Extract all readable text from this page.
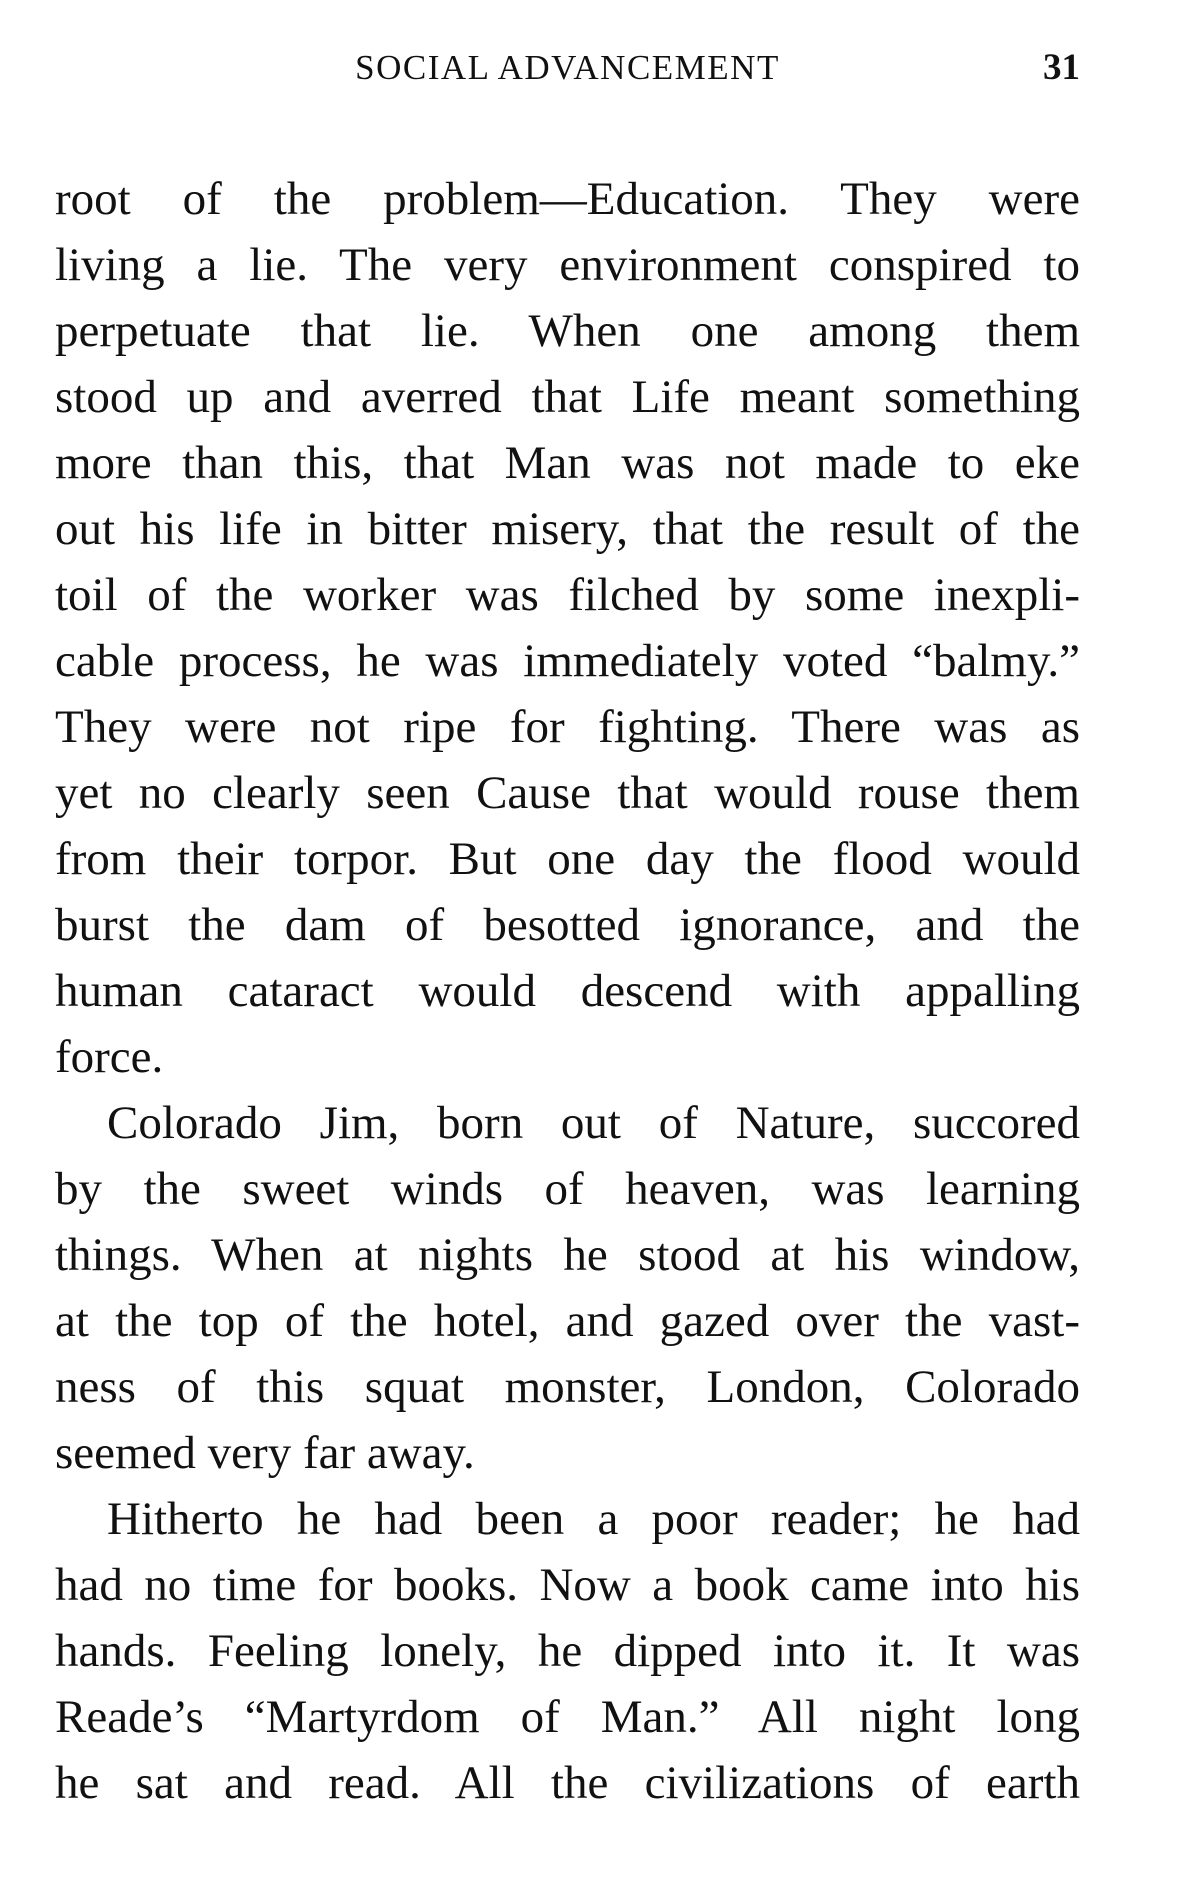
SOCIAL ADVANCEMENT	31
root of the problem—Education. They were
living a lie. The very environment conspired to
perpetuate that lie. When one among them
stood up and averred that Life meant something
more than this, that Man was not made to eke
out his life in bitter misery, that the result of the
toil of the worker was filched by some inexpli-
cable process, he was immediately voted “balmy.”
They were not ripe for fighting. There was as
yet no clearly seen Cause that would rouse them
from their torpor. But one day the flood would
burst the dam of besotted ignorance, and the
human cataract would descend with appalling
force.
Colorado Jim, born out of Nature, succored
by the sweet winds of heaven, was learning
things. When at nights he stood at his window,
at the top of the hotel, and gazed over the vast-
ness of this squat monster, London, Colorado
seemed very far away.
Hitherto he had been a poor reader; he had
had no time for books. Now a book came into his
hands. Feeling lonely, he dipped into it. It was
Reade’s “Martyrdom of Man.” All night long
he sat and read. All the civilizations of earth
